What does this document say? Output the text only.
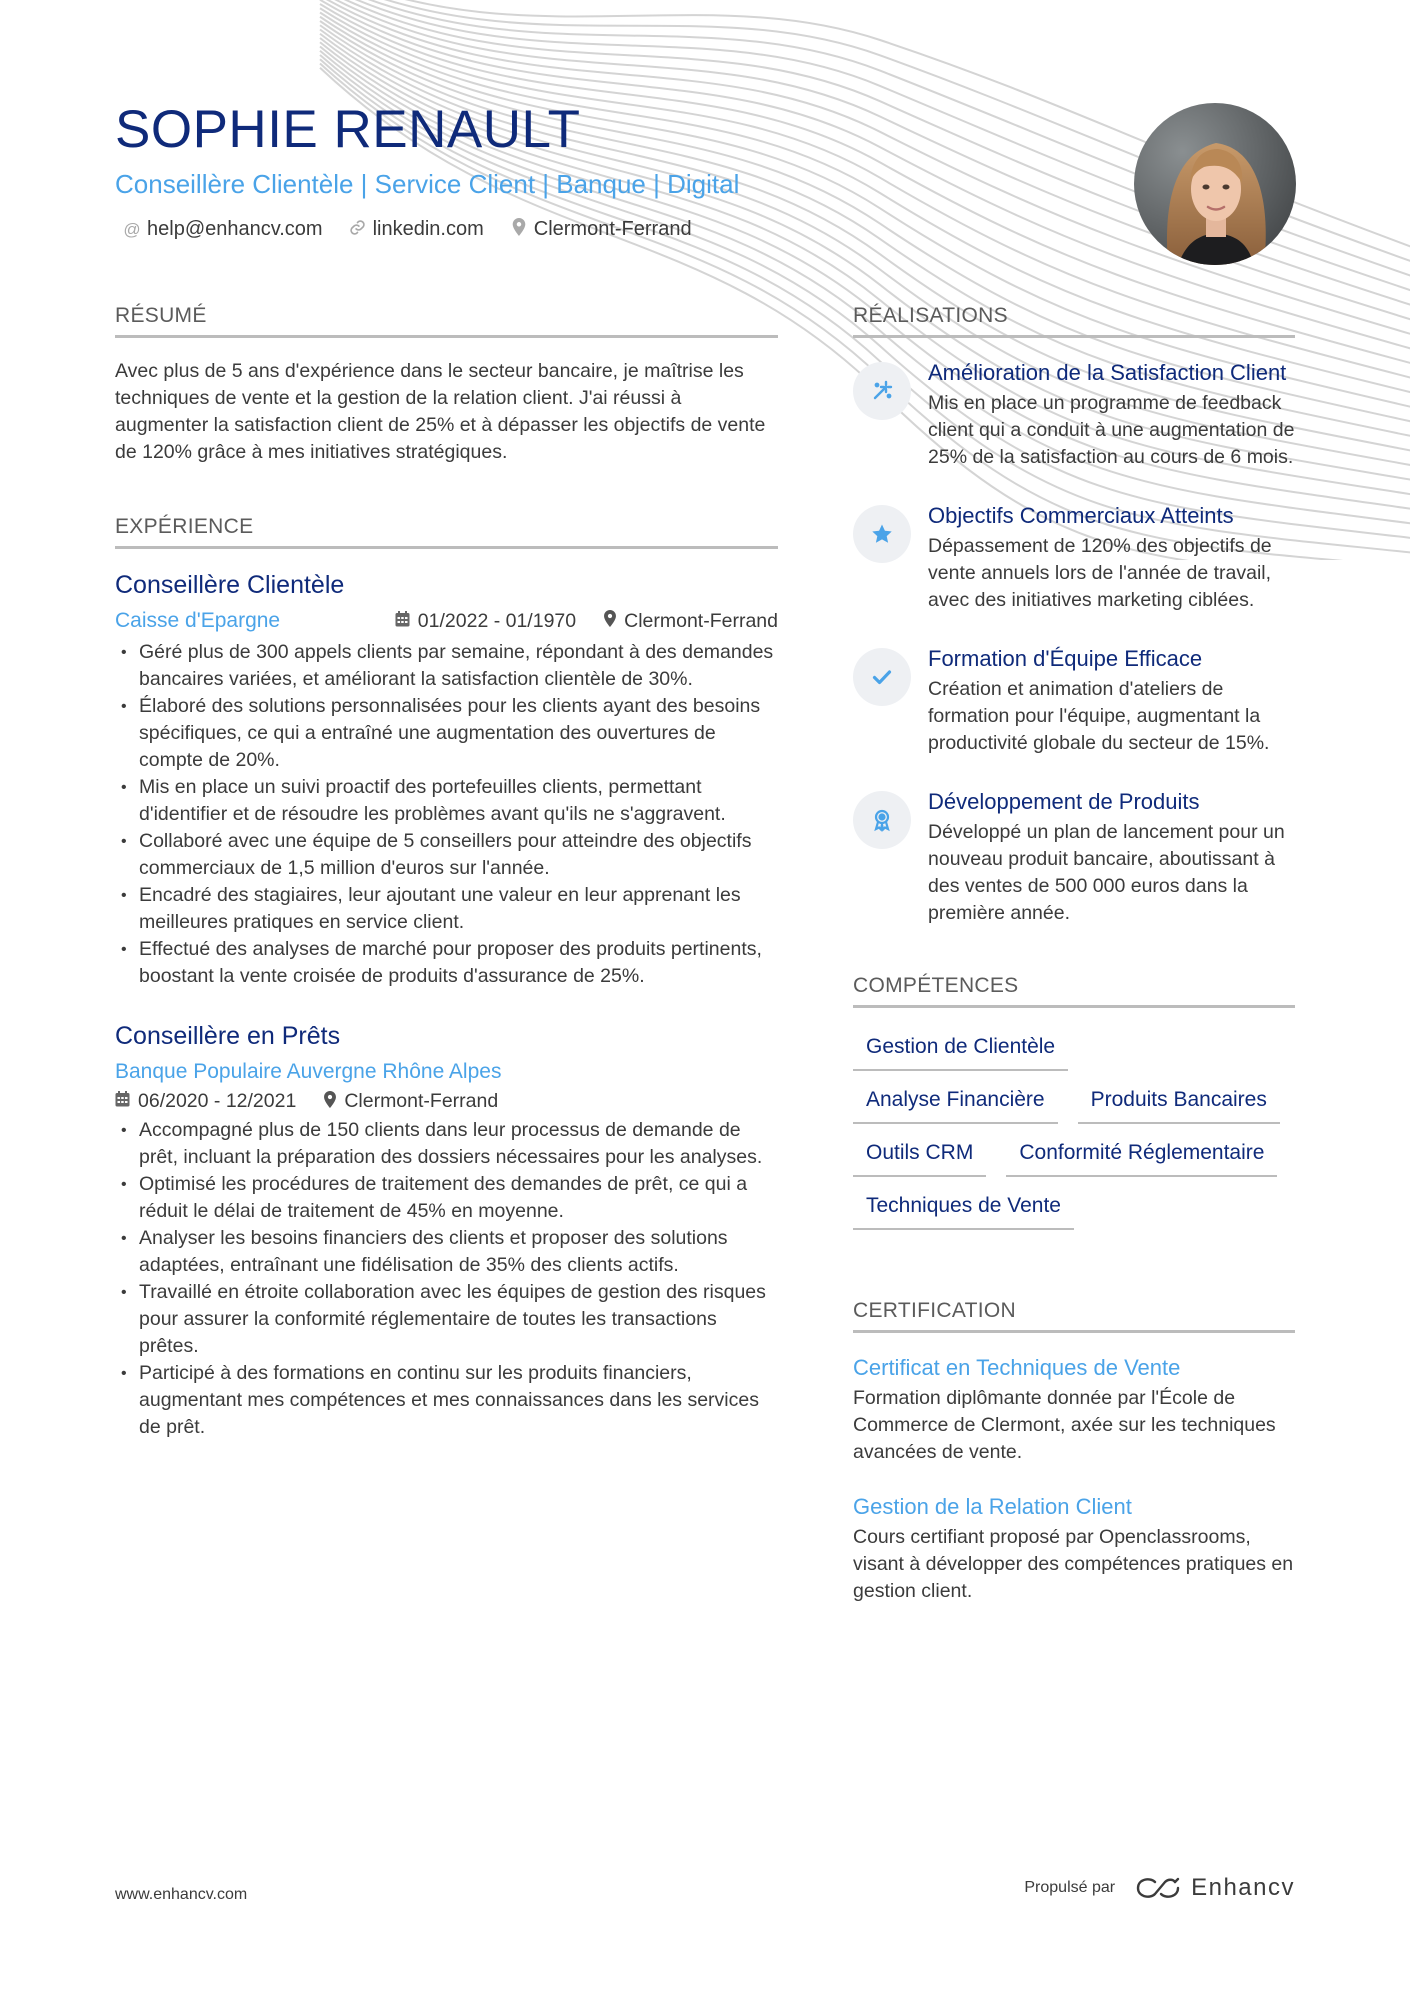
SOPHIE RENAULT
Conseillère Clientèle | Service Client | Banque | Digital
@ help@enhancv.com	linkedin.com	Clermont-Ferrand
RÉSUMÉ

Avec plus de 5 ans d'expérience dans le secteur bancaire, je maîtrise les techniques de vente et la gestion de la relation client. J'ai réussi à augmenter la satisfaction client de 25% et à dépasser les objectifs de vente de 120% grâce à mes initiatives stratégiques.

EXPÉRIENCE
Conseillère Clientèle
Caisse d'Epargne	01/2022 - 01/1970 Clermont-Ferrand
• Géré plus de 300 appels clients par semaine, répondant à des demandes bancaires variées, et améliorant la satisfaction clientèle de 30%.
• Élaboré des solutions personnalisées pour les clients ayant des besoins spécifiques, ce qui a entraîné une augmentation des ouvertures de compte de 20%.
• Mis en place un suivi proactif des portefeuilles clients, permettant d'identifier et de résoudre les problèmes avant qu'ils ne s'aggravent.
• Collaboré avec une équipe de 5 conseillers pour atteindre des objectifs commerciaux de 1,5 million d'euros sur l'année.
• Encadré des stagiaires, leur ajoutant une valeur en leur apprenant les meilleures pratiques en service client.
• Effectué des analyses de marché pour proposer des produits pertinents, boostant la vente croisée de produits d'assurance de 25%.
Conseillère en Prêts
Banque Populaire Auvergne Rhône Alpes
06/2020 - 12/2021 Clermont-Ferrand
• Accompagné plus de 150 clients dans leur processus de demande de prêt, incluant la préparation des dossiers nécessaires pour les analyses.
• Optimisé les procédures de traitement des demandes de prêt, ce qui a réduit le délai de traitement de 45% en moyenne.
• Analyser les besoins financiers des clients et proposer des solutions adaptées, entraînant une fidélisation de 35% des clients actifs.
• Travaillé en étroite collaboration avec les équipes de gestion des risques pour assurer la conformité réglementaire de toutes les transactions prêtes.
• Participé à des formations en continu sur les produits financiers, augmentant mes compétences et mes connaissances dans les services de prêt.
RÉALISATIONS
Amélioration de la Satisfaction Client
Mis en place un programme de feedback client qui a conduit à une augmentation de 25% de la satisfaction au cours de 6 mois.
Objectifs Commerciaux Atteints
Dépassement de 120% des objectifs de vente annuels lors de l'année de travail, avec des initiatives marketing ciblées.
Formation d'Équipe Efficace
Création et animation d'ateliers de formation pour l'équipe, augmentant la productivité globale du secteur de 15%.
Développement de Produits
Développé un plan de lancement pour un nouveau produit bancaire, aboutissant à des ventes de 500 000 euros dans la première année.
COMPÉTENCES
Gestion de Clientèle
Analyse Financière	Produits Bancaires
Outils CRM	Conformité Réglementaire
Techniques de Vente
CERTIFICATION
Certificat en Techniques de Vente
Formation diplômante donnée par l'École de Commerce de Clermont, axée sur les techniques avancées de vente.
Gestion de la Relation Client
Cours certifiant proposé par Openclassrooms, visant à développer des compétences pratiques en gestion client.
www.enhancv.com	Propulsé par	Enhancv
